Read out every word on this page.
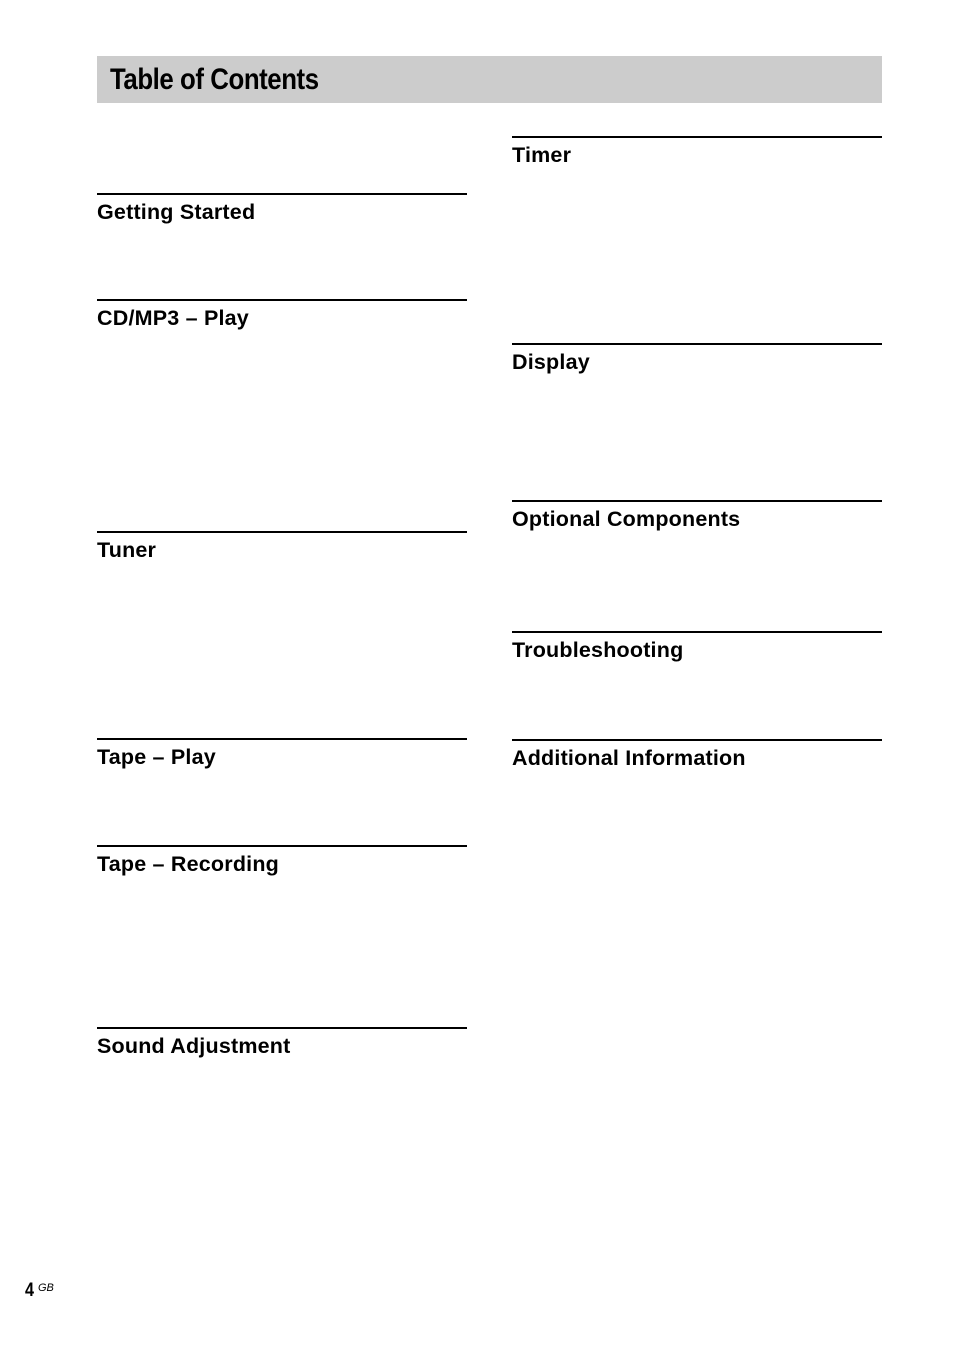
Table of Contents
Getting Started
CD/MP3 – Play
Tuner
Tape – Play
Tape – Recording
Sound Adjustment
Timer
Display
Optional Components
Troubleshooting
Additional Information
4 GB
